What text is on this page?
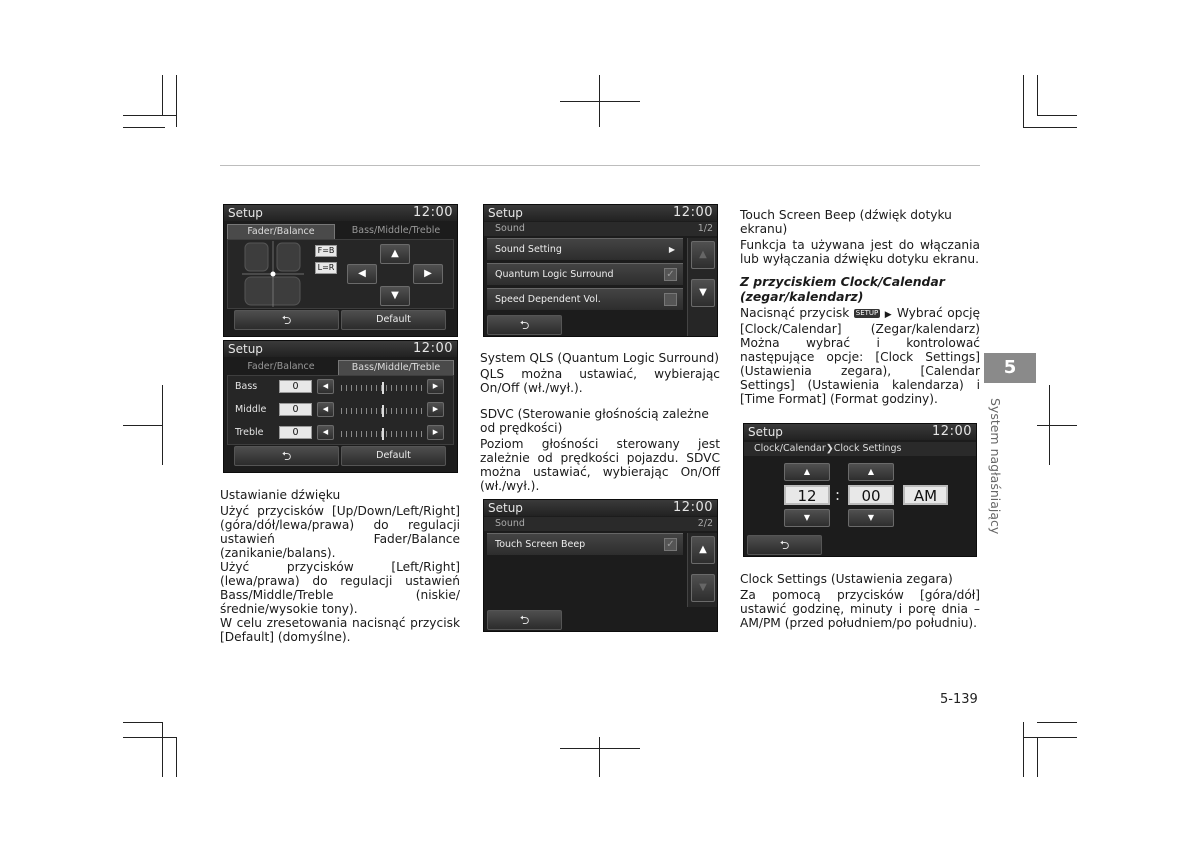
Setup	12:00
Fader/Balance	Bass/Middle/Treble
F=B
L=R
▲
◀	▶
▼
⮌	Default
Setup	12:00
Fader/Balance	Bass/Middle/Treble
Bass	0	◀	▶
Middle	0	◀	▶
Treble	0	◀	▶
⮌	Default
Setup	12:00
Sound	1/2
Sound Setting	▶
Quantum Logic Surround	✓
Speed Dependent Vol.
▲
▼
⮌
Setup	12:00
Sound	2/2
Touch Screen Beep	✓	▲
▼
⮌
Setup	12:00
Clock/Calendar❯Clock Settings
▲	▲
12	:	00	AM
▼	▼
⮌
Ustawianie dźwięku

Użyć przycisków [Up/Down/Left/Right] (góra/dół/lewa/prawa) do regulacji ustawień Fader/Balance (zanikanie/balans).

Użyć przycisków [Left/Right] (lewa/prawa) do regulacji ustawień Bass/Middle/Treble (niskie/średnie/wysokie tony).

W celu zresetowania nacisnąć przycisk [Default] (domyślne).

System QLS (Quantum Logic Surround)

QLS można ustawiać, wybierając On/Off (wł./wył.).

SDVC (Sterowanie głośnością zależne od prędkości)

Poziom głośności sterowany jest zależnie od prędkości pojazdu. SDVC można ustawiać, wybierając On/Off (wł./wył.).

Touch Screen Beep (dźwięk dotyku ekranu)

Funkcja ta używana jest do włączania lub wyłączania dźwięku dotyku ekranu.

Z przyciskiem Clock/Calendar (zegar/kalendarz)

Nacisnąć przycisk SETUP ▶ Wybrać opcję [Clock/Calendar] (Zegar/kalendarz) Można wybrać i kontrolować następujące opcje: [Clock Settings] (Ustawienia zegara), [Calendar Settings] (Ustawienia kalendarza) i [Time Format] (Format godziny).

Clock Settings (Ustawienia zegara)

Za pomocą przycisków [góra/dół] ustawić godzinę, minuty i porę dnia – AM/PM (przed południem/po południu).

5
System nagłaśniający
5-139
